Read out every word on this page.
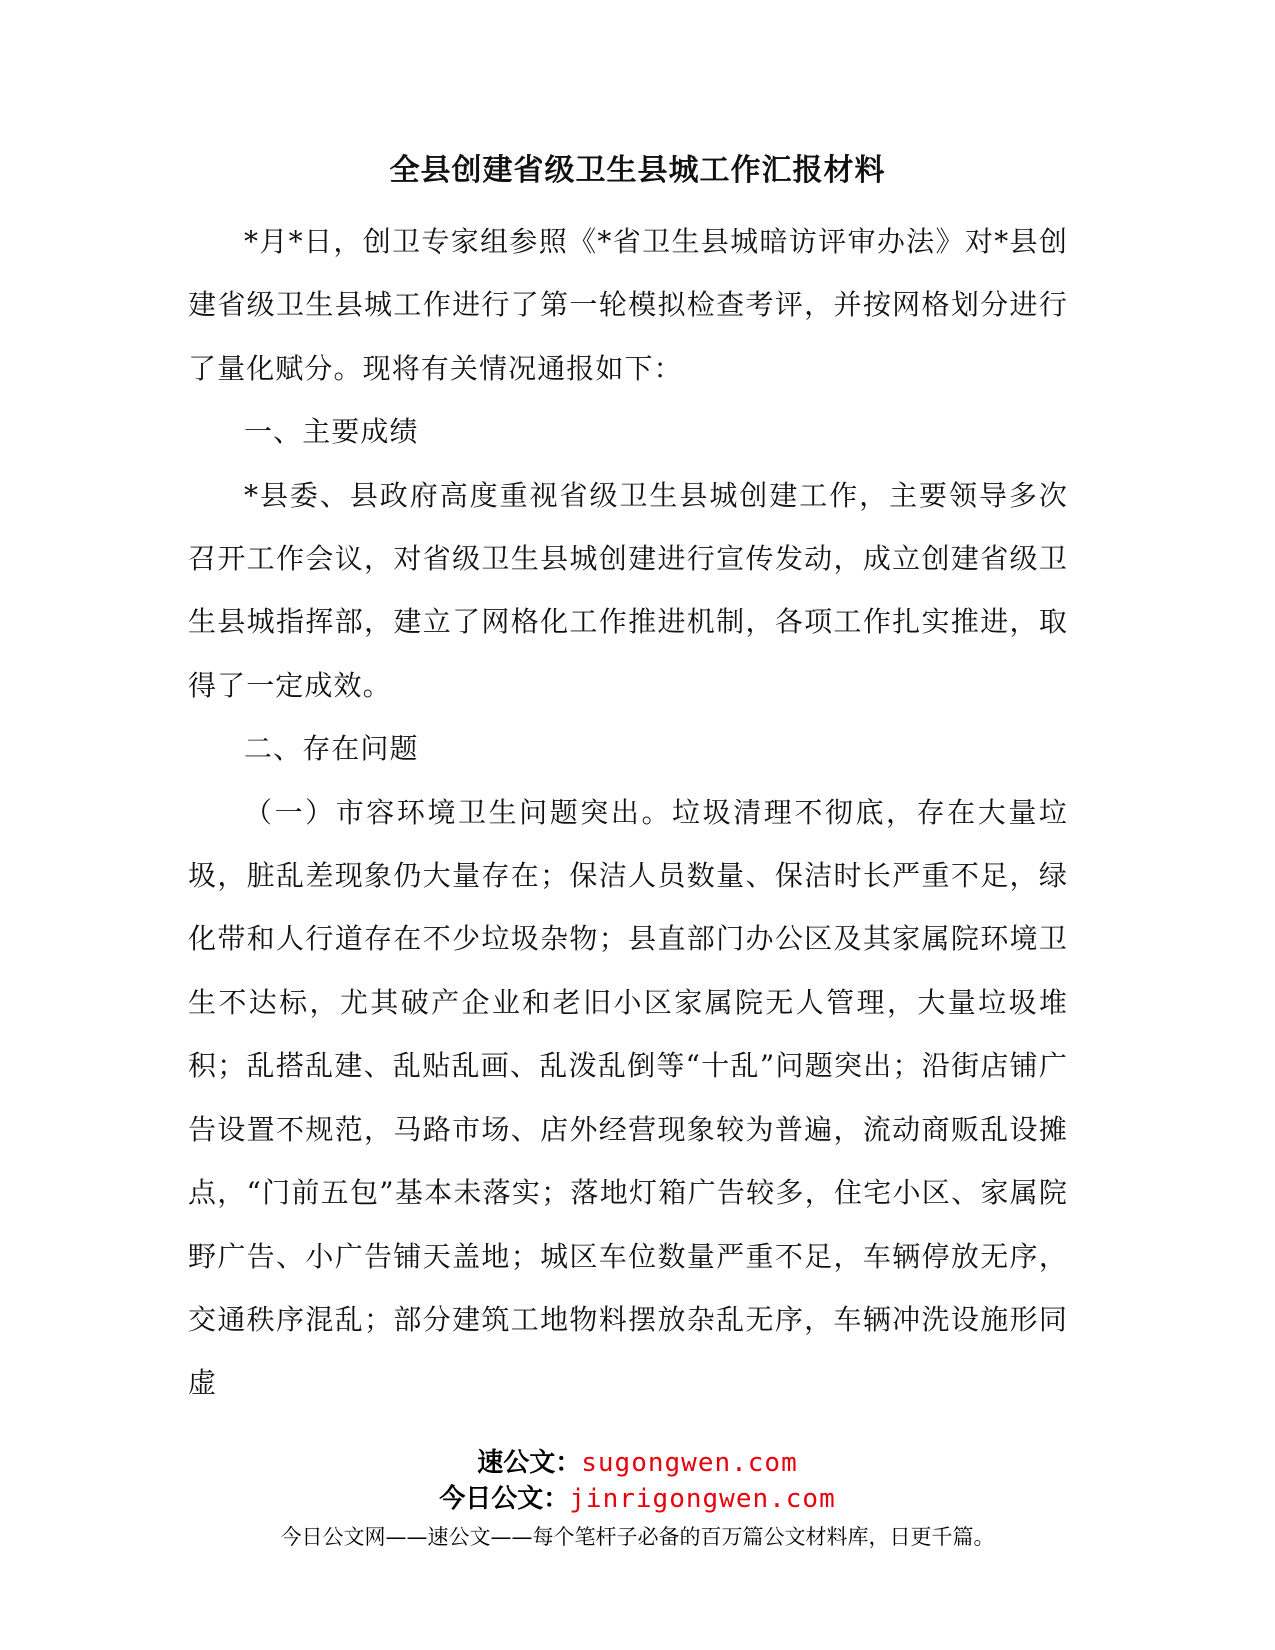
全县创建省级卫生县城工作汇报材料

*月*日，创卫专家组参照《*省卫生县城暗访评审办法》对*县创建省级卫生县城工作进行了第一轮模拟检查考评，并按网格划分进行了量化赋分。现将有关情况通报如下：

一、主要成绩

*县委、县政府高度重视省级卫生县城创建工作，主要领导多次召开工作会议，对省级卫生县城创建进行宣传发动，成立创建省级卫生县城指挥部，建立了网格化工作推进机制，各项工作扎实推进，取得了一定成效。

二、存在问题

（一）市容环境卫生问题突出。垃圾清理不彻底，存在大量垃圾，脏乱差现象仍大量存在；保洁人员数量、保洁时长严重不足，绿化带和人行道存在不少垃圾杂物；县直部门办公区及其家属院环境卫生不达标，尤其破产企业和老旧小区家属院无人管理，大量垃圾堆积；乱搭乱建、乱贴乱画、乱泼乱倒等“十乱”问题突出；沿街店铺广告设置不规范，马路市场、店外经营现象较为普遍，流动商贩乱设摊点，“门前五包”基本未落实；落地灯箱广告较多，住宅小区、家属院野广告、小广告铺天盖地；城区车位数量严重不足，车辆停放无序，交通秩序混乱；部分建筑工地物料摆放杂乱无序，车辆冲洗设施形同虚

速公文：sugongwen.com
今日公文：jinrigongwen.com
今日公文网——速公文——每个笔杆子必备的百万篇公文材料库，日更千篇。
